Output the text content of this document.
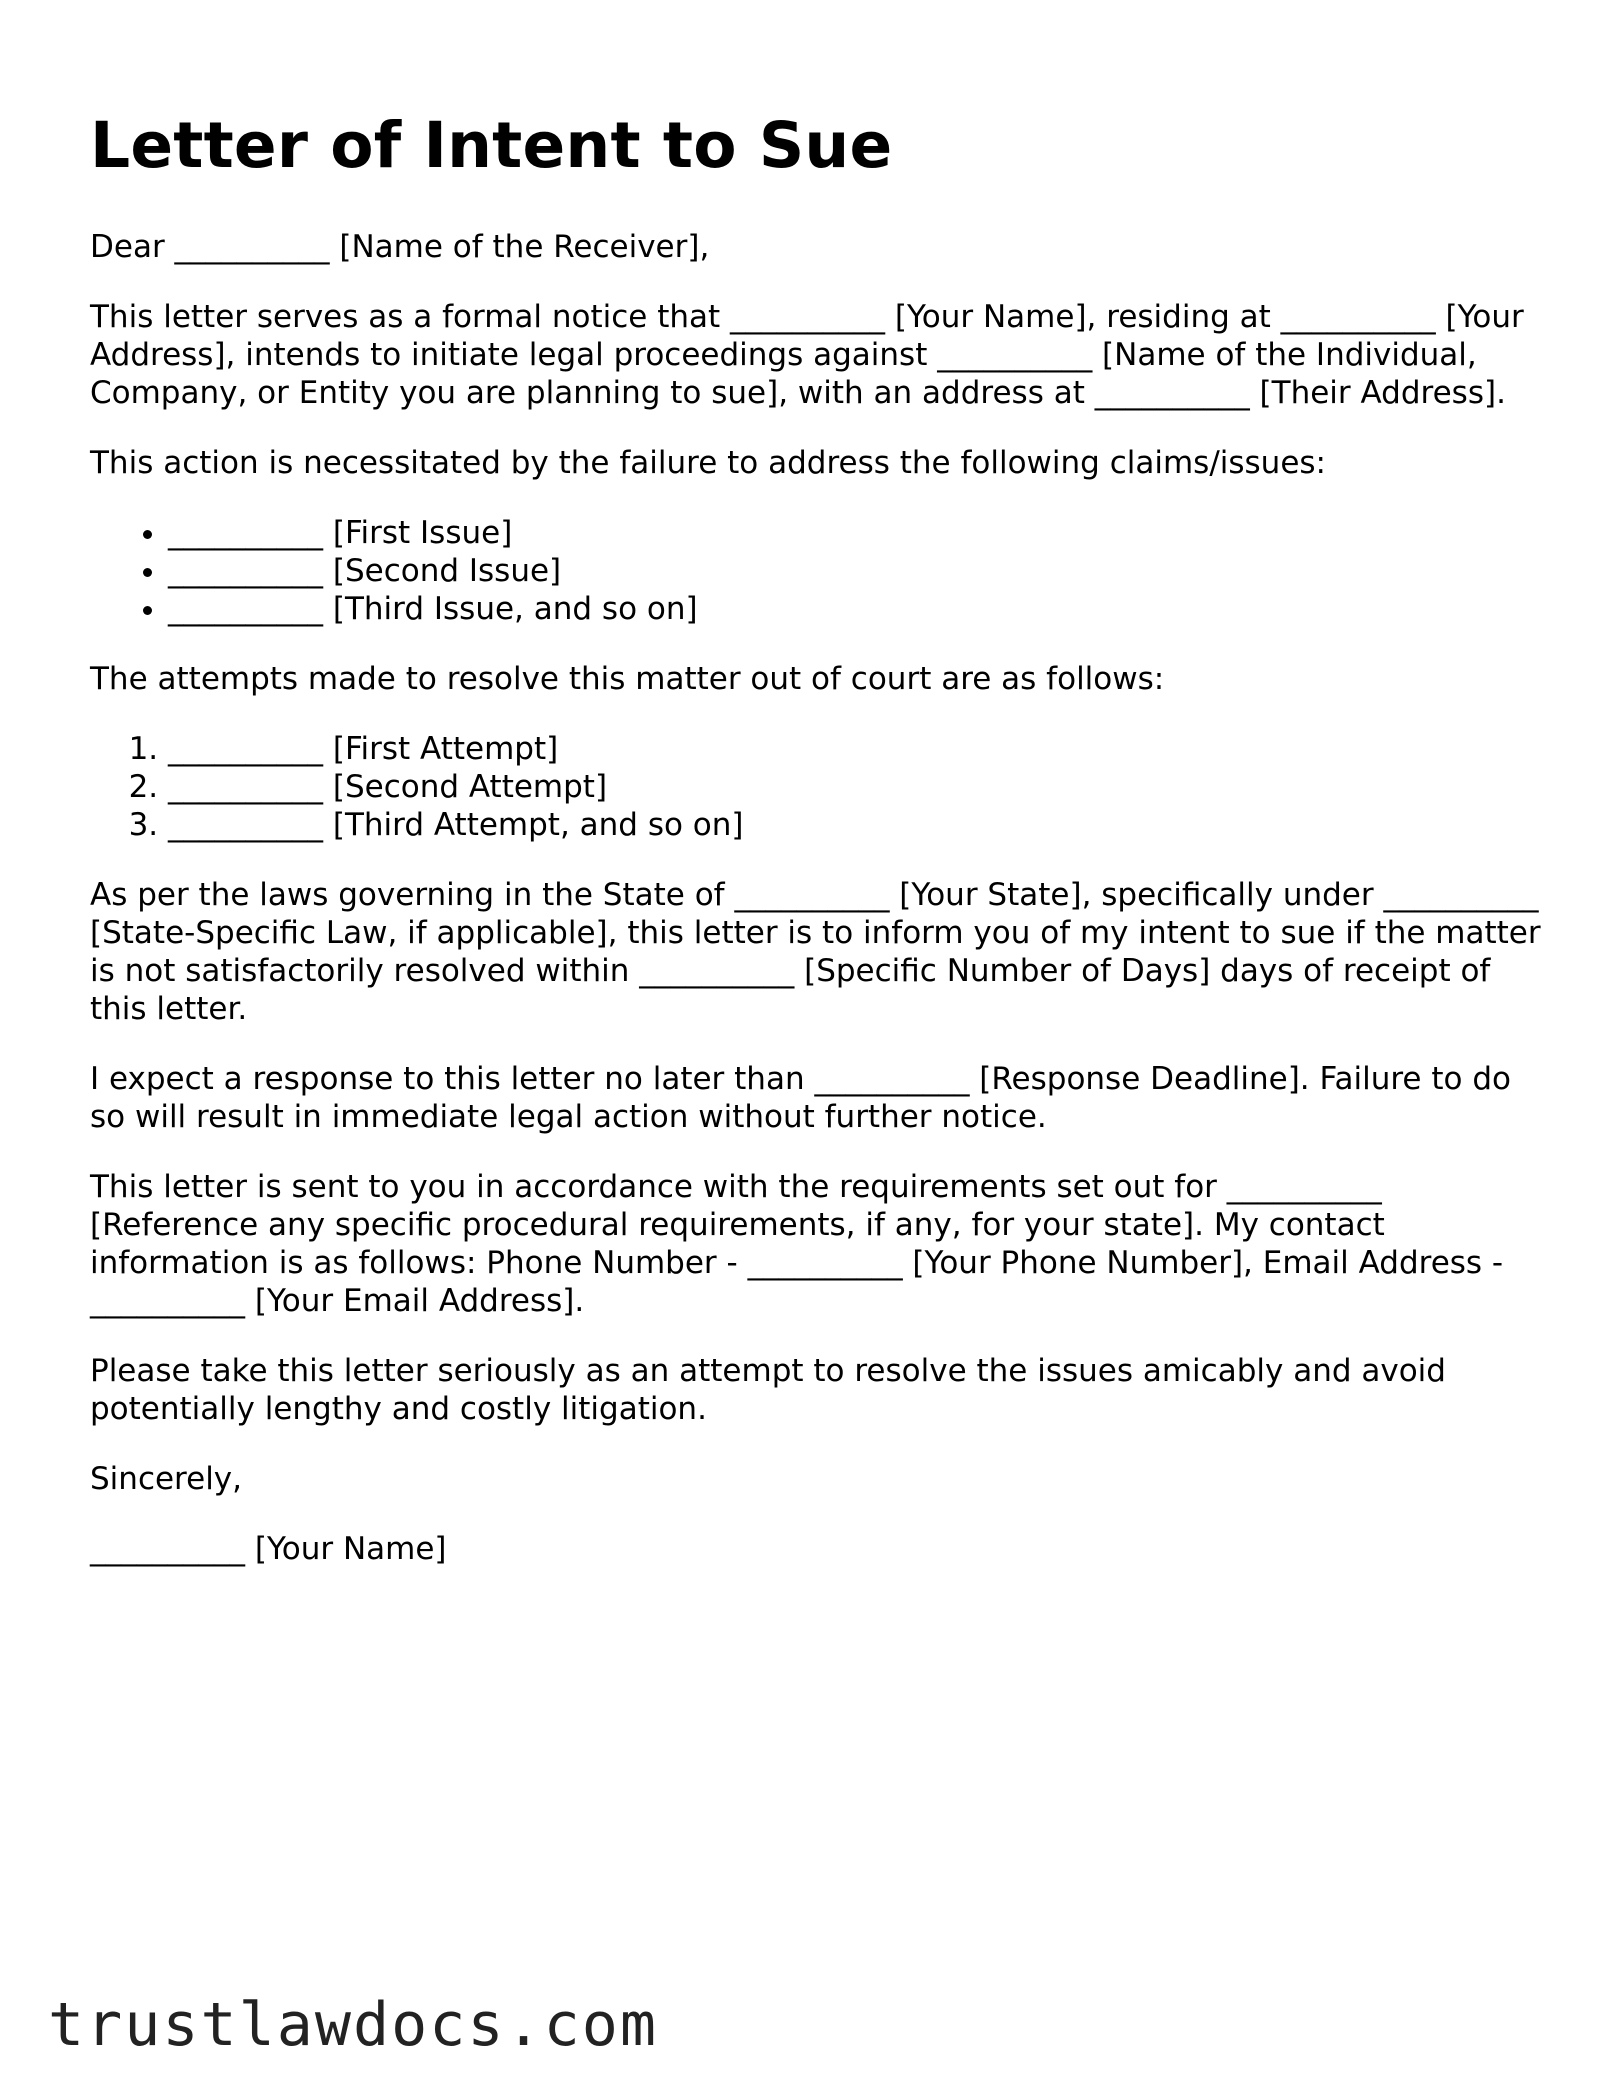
Letter of Intent to Sue

Dear __________ [Name of the Receiver],

This letter serves as a formal notice that __________ [Your Name], residing at __________ [Your Address], intends to initiate legal proceedings against __________ [Name of the Individual, Company, or Entity you are planning to sue], with an address at __________ [Their Address].

This action is necessitated by the failure to address the following claims/issues:

• __________ [First Issue]
• __________ [Second Issue]
• __________ [Third Issue, and so on]

The attempts made to resolve this matter out of court are as follows:

1. __________ [First Attempt]
2. __________ [Second Attempt]
3. __________ [Third Attempt, and so on]

As per the laws governing in the State of __________ [Your State], specifically under __________ [State-Specific Law, if applicable], this letter is to inform you of my intent to sue if the matter is not satisfactorily resolved within __________ [Specific Number of Days] days of receipt of this letter.

I expect a response to this letter no later than __________ [Response Deadline]. Failure to do so will result in immediate legal action without further notice.

This letter is sent to you in accordance with the requirements set out for __________ [Reference any specific procedural requirements, if any, for your state]. My contact information is as follows: Phone Number - __________ [Your Phone Number], Email Address - __________ [Your Email Address].

Please take this letter seriously as an attempt to resolve the issues amicably and avoid potentially lengthy and costly litigation.

Sincerely,

__________ [Your Name]

trustlawdocs.com
